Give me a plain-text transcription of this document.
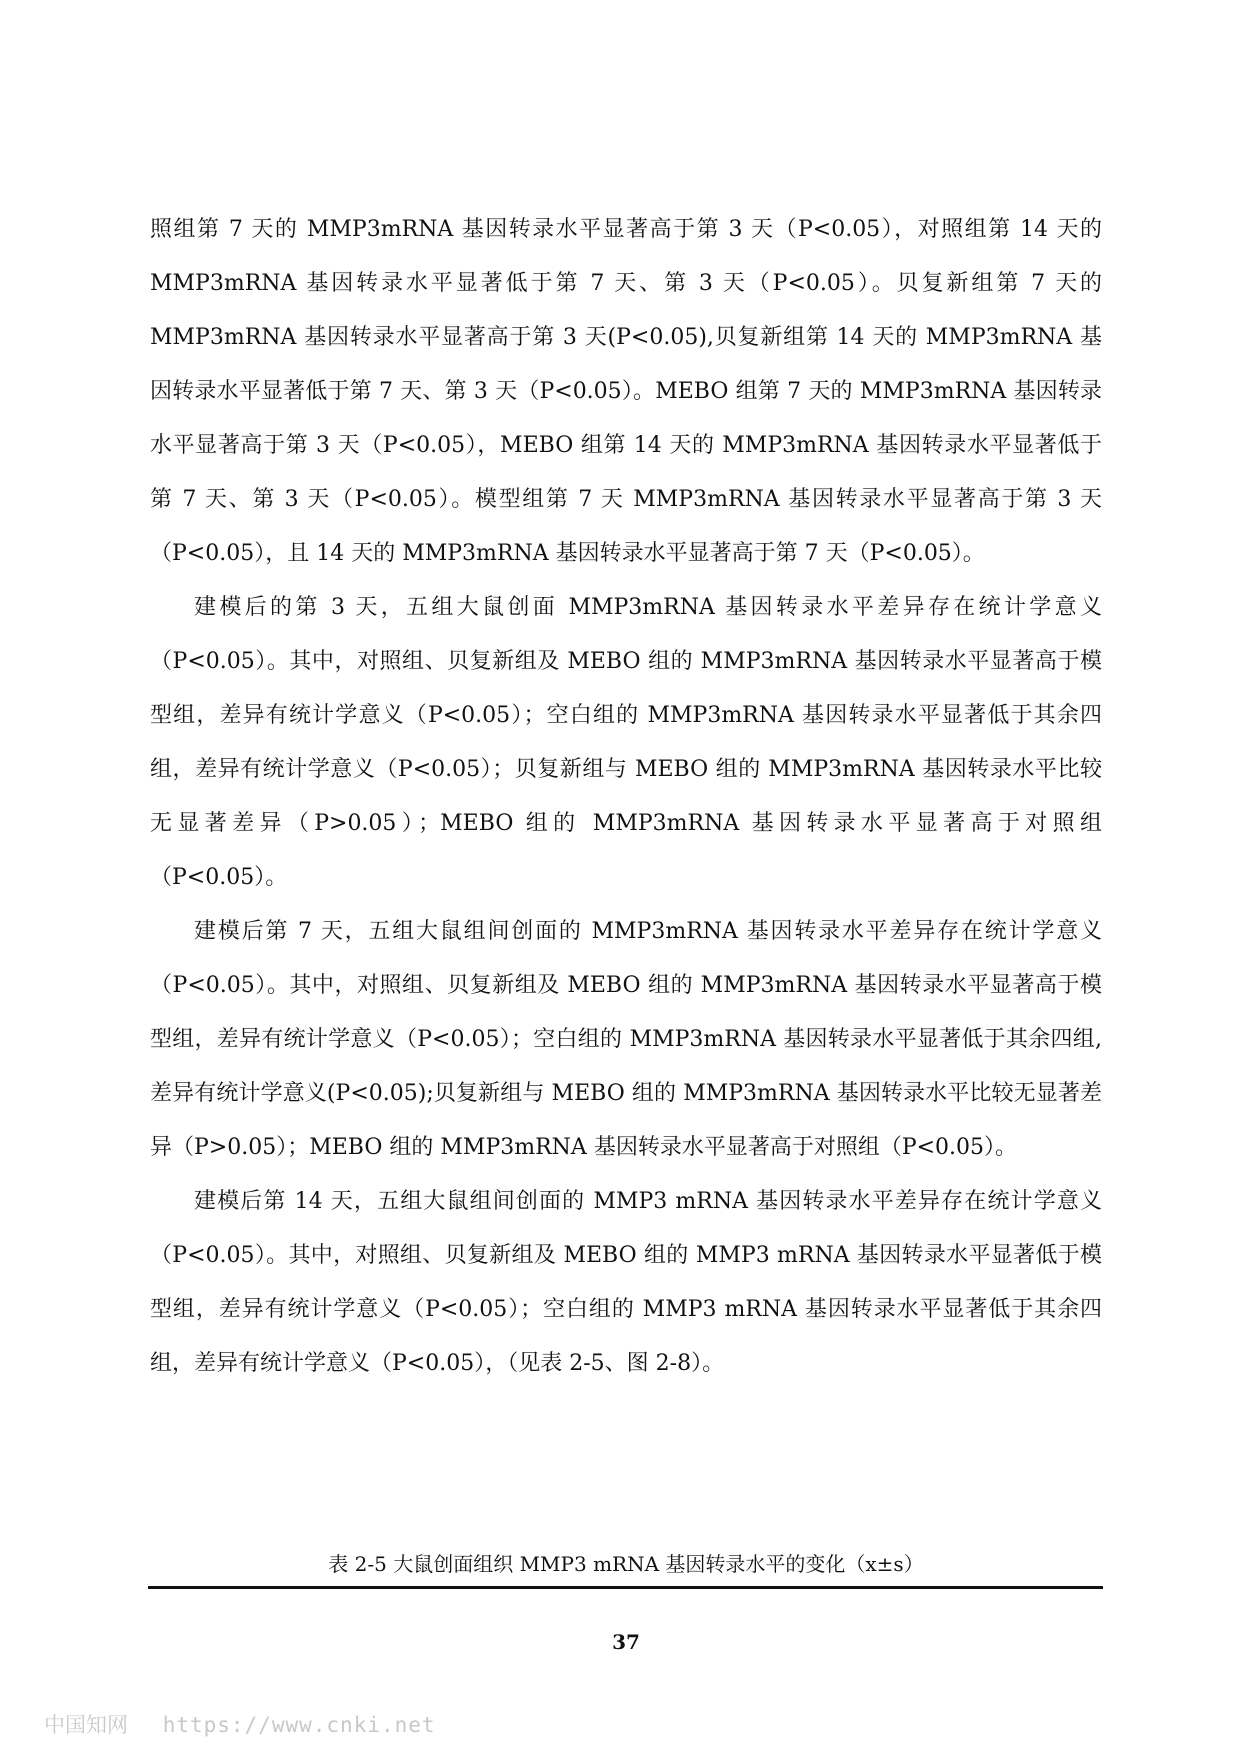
照组第 7 天的 MMP3mRNA 基因转录水平显著高于第 3 天（P<0.05），对照组第 14 天的 MMP3mRNA 基因转录水平显著低于第 7 天、第 3 天（P<0.05）。贝复新组第 7 天的 MMP3mRNA 基因转录水平显著高于第 3 天(P<0.05),贝复新组第 14 天的 MMP3mRNA 基因转录水平显著低于第 7 天、第 3 天（P<0.05）。MEBO 组第 7 天的 MMP3mRNA 基因转录水平显著高于第 3 天（P<0.05），MEBO 组第 14 天的 MMP3mRNA 基因转录水平显著低于第 7 天、第 3 天（P<0.05）。模型组第 7 天 MMP3mRNA 基因转录水平显著高于第 3 天（P<0.05），且 14 天的 MMP3mRNA 基因转录水平显著高于第 7 天（P<0.05）。

建模后的第 3 天，五组大鼠创面 MMP3mRNA 基因转录水平差异存在统计学意义（P<0.05）。其中，对照组、贝复新组及 MEBO 组的 MMP3mRNA 基因转录水平显著高于模型组，差异有统计学意义（P<0.05）；空白组的 MMP3mRNA 基因转录水平显著低于其余四组，差异有统计学意义（P<0.05）；贝复新组与 MEBO 组的 MMP3mRNA 基因转录水平比较无显著差异（P>0.05）；MEBO 组的 MMP3mRNA 基因转录水平显著高于对照组（P<0.05）。

建模后第 7 天，五组大鼠组间创面的 MMP3mRNA 基因转录水平差异存在统计学意义（P<0.05）。其中，对照组、贝复新组及 MEBO 组的 MMP3mRNA 基因转录水平显著高于模型组，差异有统计学意义（P<0.05）；空白组的 MMP3mRNA 基因转录水平显著低于其余四组,差异有统计学意义(P<0.05);贝复新组与 MEBO 组的 MMP3mRNA 基因转录水平比较无显著差异（P>0.05）；MEBO 组的 MMP3mRNA 基因转录水平显著高于对照组（P<0.05）。

建模后第 14 天，五组大鼠组间创面的 MMP3 mRNA 基因转录水平差异存在统计学意义（P<0.05）。其中，对照组、贝复新组及 MEBO 组的 MMP3 mRNA 基因转录水平显著低于模型组，差异有统计学意义（P<0.05）；空白组的 MMP3 mRNA 基因转录水平显著低于其余四组，差异有统计学意义（P<0.05），（见表 2-5、图 2-8）。

表 2-5 大鼠创面组织 MMP3 mRNA 基因转录水平的变化（x±s）
37
中国知网 https://www.cnki.net
